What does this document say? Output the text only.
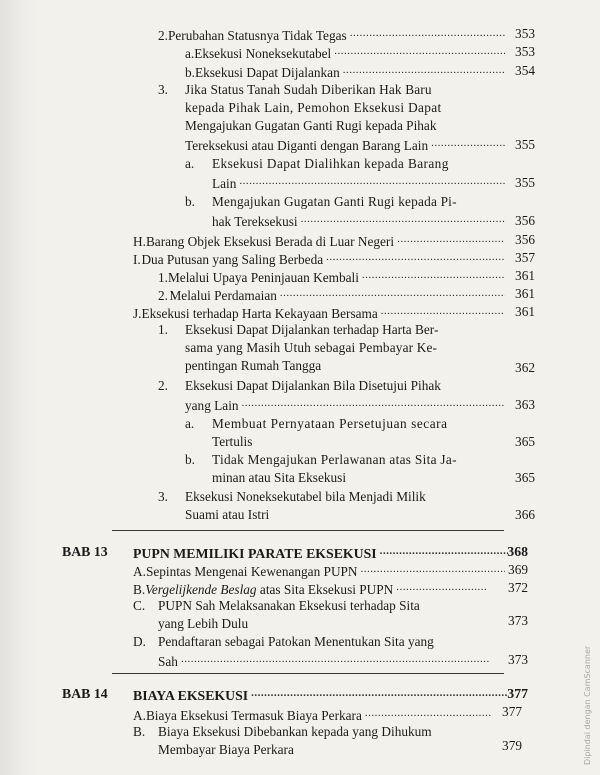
2. Perubahan Statusnya Tidak Tegas .....	353
a. Eksekusi Noneksekutabel .....	353
b. Eksekusi Dapat Dijalankan .....	354
3. Jika Status Tanah Sudah Diberikan Hak Baru
kepada Pihak Lain, Pemohon Eksekusi Dapat
Mengajukan Gugatan Ganti Rugi kepada Pihak
Tereksekusi atau Diganti dengan Barang Lain .....	355
a. Eksekusi Dapat Dialihkan kepada Barang
Lain .....	355
b. Mengajukan Gugatan Ganti Rugi kepada Pi-
hak Tereksekusi .....	356
H. Barang Objek Eksekusi Berada di Luar Negeri .....	356
I. Dua Putusan yang Saling Berbeda .....	357
1. Melalui Upaya Peninjauan Kembali .....	361
2. Melalui Perdamaian .....	361
J. Eksekusi terhadap Harta Kekayaan Bersama .....	361
1. Eksekusi Dapat Dijalankan terhadap Harta Ber-
sama yang Masih Utuh sebagai Pembayar Ke-
pentingan Rumah Tangga	362
2. Eksekusi Dapat Dijalankan Bila Disetujui Pihak
yang Lain .....	363
a. Membuat Pernyataan Persetujuan secara
Tertulis	365
b. Tidak Mengajukan Perlawanan atas Sita Ja-
minan atau Sita Eksekusi	365
3. Eksekusi Noneksekutabel bila Menjadi Milik
Suami atau Istri	366
BAB 13 PUPN MEMILIKI PARATE EKSEKUSI .....	368
A. Sepintas Mengenai Kewenangan PUPN .....	369
B. Vergelijkende Beslag atas Sita Eksekusi PUPN .....	372
C. PUPN Sah Melaksanakan Eksekusi terhadap Sita
yang Lebih Dulu	373
D. Pendaftaran sebagai Patokan Menentukan Sita yang
Sah .....	373
BAB 14 BIAYA EKSEKUSI .....	377
A. Biaya Eksekusi Termasuk Biaya Perkara .....	377
B. Biaya Eksekusi Dibebankan kepada yang Dihukum
Membayar Biaya Perkara	379	Dipindai dengan CamScanner
